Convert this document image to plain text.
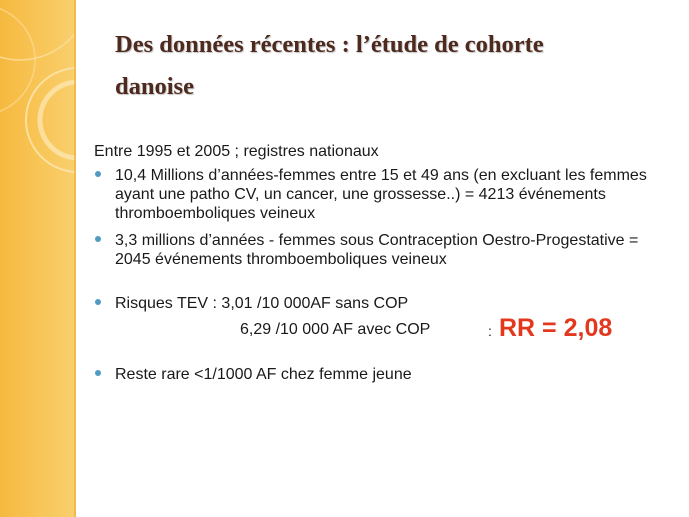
Des données récentes : l’étude de cohorte
danoise

Entre 1995 et 2005 ; registres nationaux

10,4 Millions d’années-femmes entre 15 et 49 ans (en excluant les femmes ayant une patho CV, un cancer, une grossesse..) = 4213 événements thromboemboliques veineux
3,3 millions d’années - femmes sous Contraception Oestro-Progestative = 2045 événements thromboemboliques veineux
Risques TEV : 3,01 /10 000AF sans COP
6,29 /10 000 AF avec COP	: RR = 2,08
Reste rare <1/1000 AF chez femme jeune
